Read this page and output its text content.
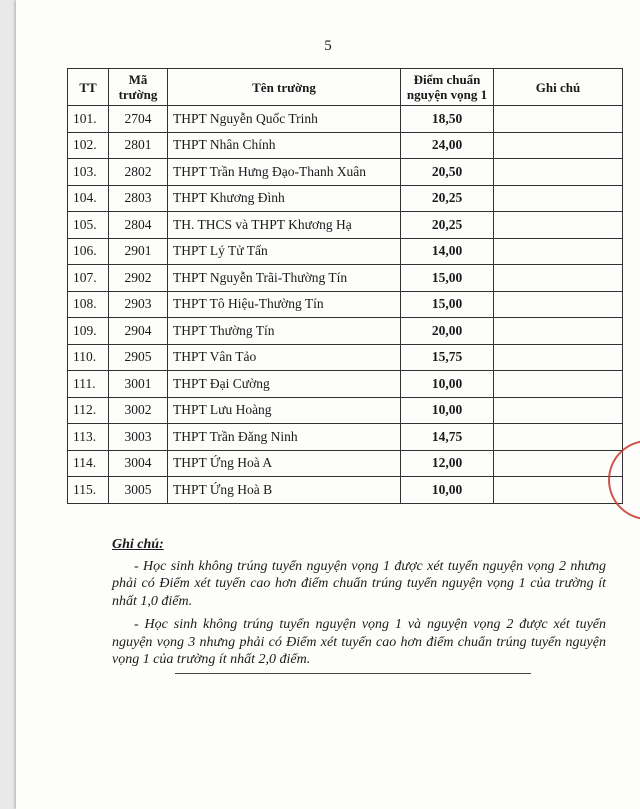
5
TT	Mã trường	Tên trường	Điểm chuẩn nguyện vọng 1	Ghi chú
101.	2704	THPT Nguyễn Quốc Trinh	18,50	
102.	2801	THPT Nhân Chính	24,00	
103.	2802	THPT Trần Hưng Đạo-Thanh Xuân	20,50	
104.	2803	THPT Khương Đình	20,25	
105.	2804	TH. THCS và THPT Khương Hạ	20,25	
106.	2901	THPT Lý Tử Tấn	14,00	
107.	2902	THPT Nguyễn Trãi-Thường Tín	15,00	
108.	2903	THPT Tô Hiệu-Thường Tín	15,00	
109.	2904	THPT Thường Tín	20,00	
110.	2905	THPT Vân Tảo	15,75	
111.	3001	THPT Đại Cường	10,00	
112.	3002	THPT Lưu Hoàng	10,00	
113.	3003	THPT Trần Đăng Ninh	14,75	
114.	3004	THPT Ứng Hoà A	12,00	
115.	3005	THPT Ứng Hoà B	10,00	
Ghi chú:

- Học sinh không trúng tuyển nguyện vọng 1 được xét tuyển nguyện vọng 2 nhưng phải có Điểm xét tuyển cao hơn điểm chuẩn trúng tuyển nguyện vọng 1 của trường ít nhất 1,0 điểm.

- Học sinh không trúng tuyển nguyện vọng 1 và nguyện vọng 2 được xét tuyển nguyện vọng 3 nhưng phải có Điểm xét tuyển cao hơn điểm chuẩn trúng tuyển nguyện vọng 1 của trường ít nhất 2,0 điểm.
